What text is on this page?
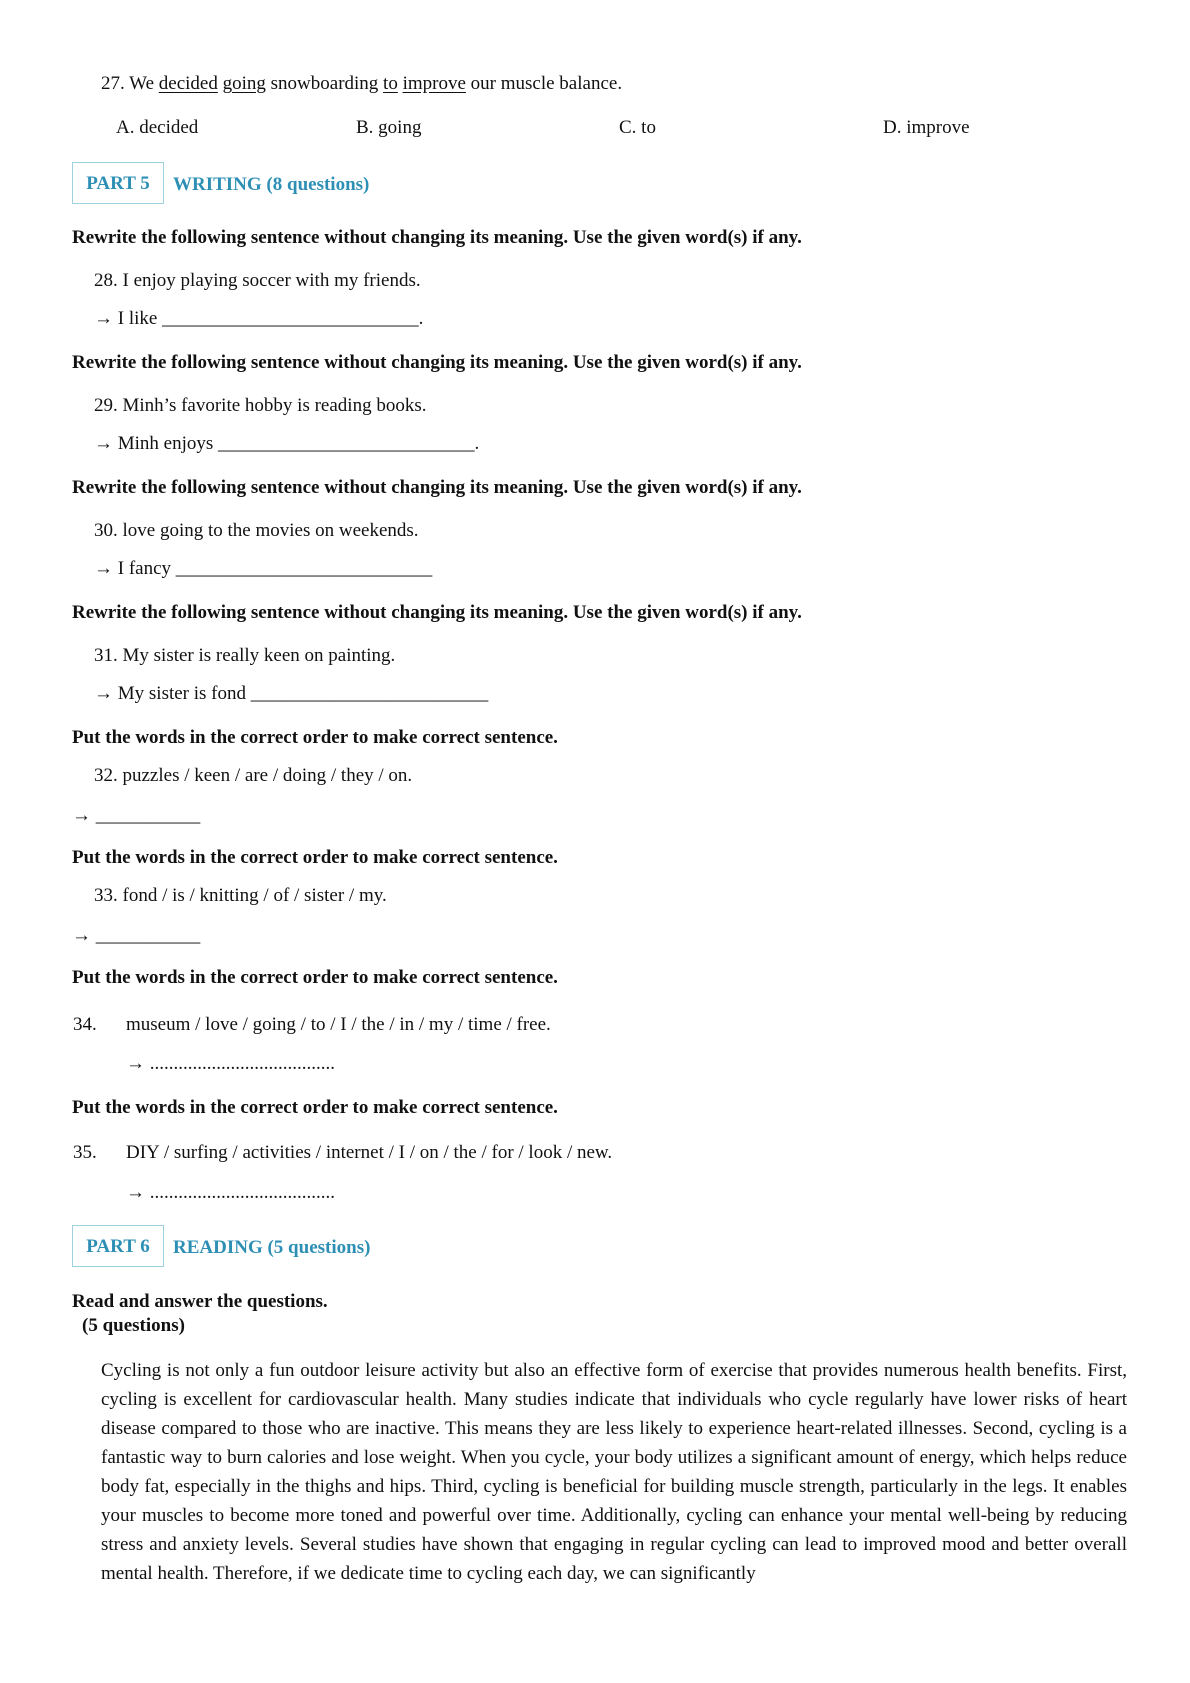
27. We decided going snowboarding to improve our muscle balance.
A. decided	B. going	C. to	D. improve
PART 5	WRITING (8 questions)
Rewrite the following sentence without changing its meaning. Use the given word(s) if any.
28. I enjoy playing soccer with my friends.
→ I like ___________________________.
Rewrite the following sentence without changing its meaning. Use the given word(s) if any.
29. Minh’s favorite hobby is reading books.
→ Minh enjoys ___________________________.
Rewrite the following sentence without changing its meaning. Use the given word(s) if any.
30. love going to the movies on weekends.
→ I fancy ___________________________
Rewrite the following sentence without changing its meaning. Use the given word(s) if any.
31. My sister is really keen on painting.
→ My sister is fond _________________________
Put the words in the correct order to make correct sentence.
32. puzzles / keen / are / doing / they / on.
→ ___________
Put the words in the correct order to make correct sentence.
33. fond / is / knitting / of / sister / my.
→ ___________
Put the words in the correct order to make correct sentence.
34. museum / love / going / to / I / the / in / my / time / free.
→ .......................................
Put the words in the correct order to make correct sentence.
35. DIY / surfing / activities / internet / I / on / the / for / look / new.
→ .......................................
PART 6	READING (5 questions)
Read and answer the questions.
(5 questions)

Cycling is not only a fun outdoor leisure activity but also an effective form of exercise that provides numerous health benefits. First, cycling is excellent for cardiovascular health. Many studies indicate that individuals who cycle regularly have lower risks of heart disease compared to those who are inactive. This means they are less likely to experience heart-related illnesses. Second, cycling is a fantastic way to burn calories and lose weight. When you cycle, your body utilizes a significant amount of energy, which helps reduce body fat, especially in the thighs and hips. Third, cycling is beneficial for building muscle strength, particularly in the legs. It enables your muscles to become more toned and powerful over time. Additionally, cycling can enhance your mental well-being by reducing stress and anxiety levels. Several studies have shown that engaging in regular cycling can lead to improved mood and better overall mental health. Therefore, if we dedicate time to cycling each day, we can significantly
